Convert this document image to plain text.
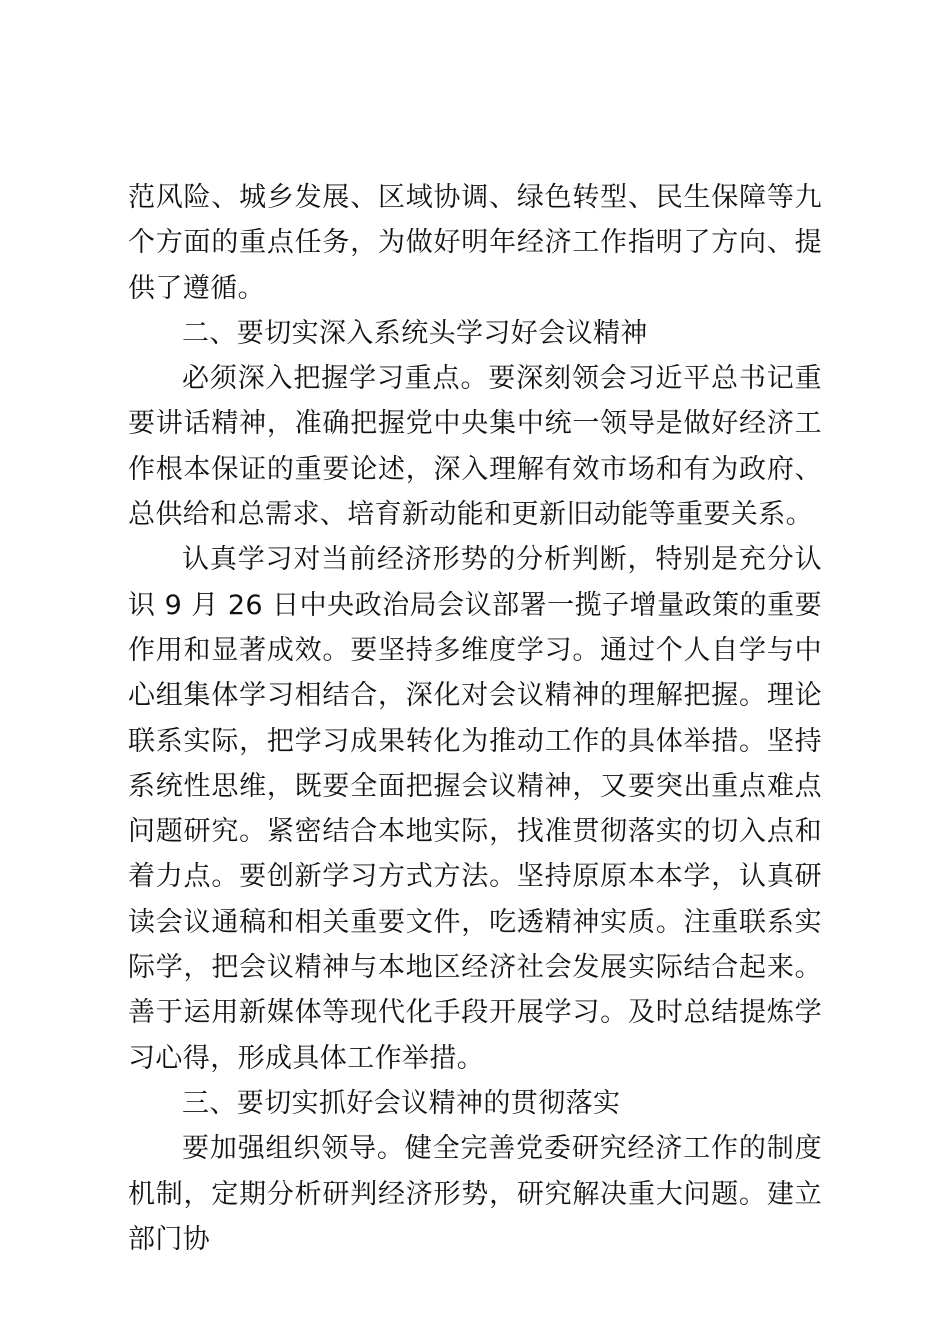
范风险、城乡发展、区域协调、绿色转型、民生保障等九个方面的重点任务，为做好明年经济工作指明了方向、提供了遵循。

二、要切实深入系统头学习好会议精神

必须深入把握学习重点。要深刻领会习近平总书记重要讲话精神，准确把握党中央集中统一领导是做好经济工作根本保证的重要论述，深入理解有效市场和有为政府、总供给和总需求、培育新动能和更新旧动能等重要关系。

认真学习对当前经济形势的分析判断，特别是充分认识 9 月 26 日中央政治局会议部署一揽子增量政策的重要作用和显著成效。要坚持多维度学习。通过个人自学与中心组集体学习相结合，深化对会议精神的理解把握。理论联系实际，把学习成果转化为推动工作的具体举措。坚持系统性思维，既要全面把握会议精神，又要突出重点难点问题研究。紧密结合本地实际，找准贯彻落实的切入点和着力点。要创新学习方式方法。坚持原原本本学，认真研读会议通稿和相关重要文件，吃透精神实质。注重联系实际学，把会议精神与本地区经济社会发展实际结合起来。善于运用新媒体等现代化手段开展学习。及时总结提炼学习心得，形成具体工作举措。

三、要切实抓好会议精神的贯彻落实

要加强组织领导。健全完善党委研究经济工作的制度机制，定期分析研判经济形势，研究解决重大问题。建立部门协
